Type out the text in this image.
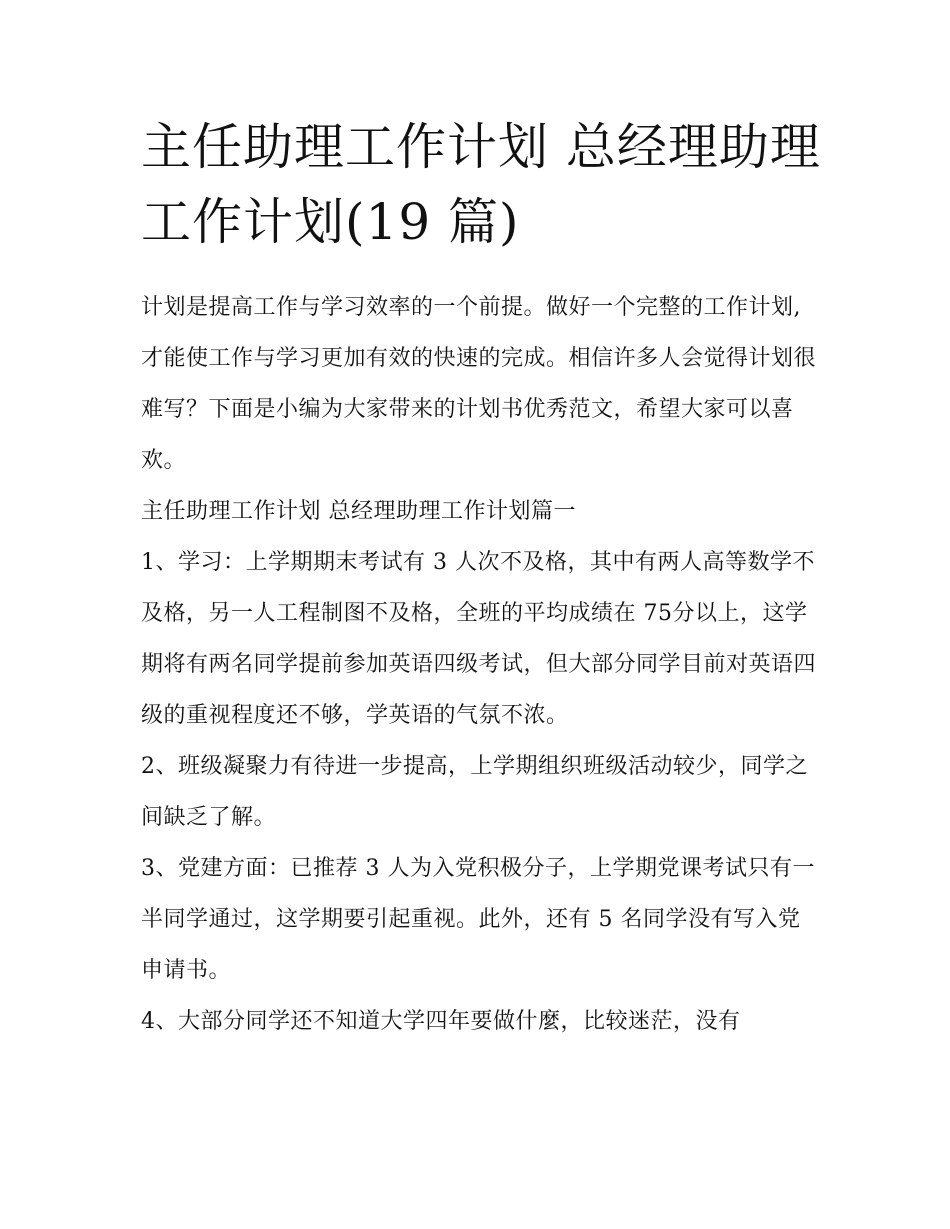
主任助理工作计划 总经理助理工作计划(19 篇)

计划是提高工作与学习效率的一个前提。做好一个完整的工作计划,才能使工作与学习更加有效的快速的完成。相信许多人会觉得计划很难写？下面是小编为大家带来的计划书优秀范文，希望大家可以喜欢。

主任助理工作计划 总经理助理工作计划篇一

1、学习：上学期期末考试有 3 人次不及格，其中有两人高等数学不及格，另一人工程制图不及格，全班的平均成绩在 75分以上，这学期将有两名同学提前参加英语四级考试，但大部分同学目前对英语四级的重视程度还不够，学英语的气氛不浓。

2、班级凝聚力有待进一步提高，上学期组织班级活动较少，同学之间缺乏了解。

3、党建方面：已推荐 3 人为入党积极分子，上学期党课考试只有一半同学通过，这学期要引起重视。此外，还有 5 名同学没有写入党申请书。

4、大部分同学还不知道大学四年要做什麼，比较迷茫，没有
